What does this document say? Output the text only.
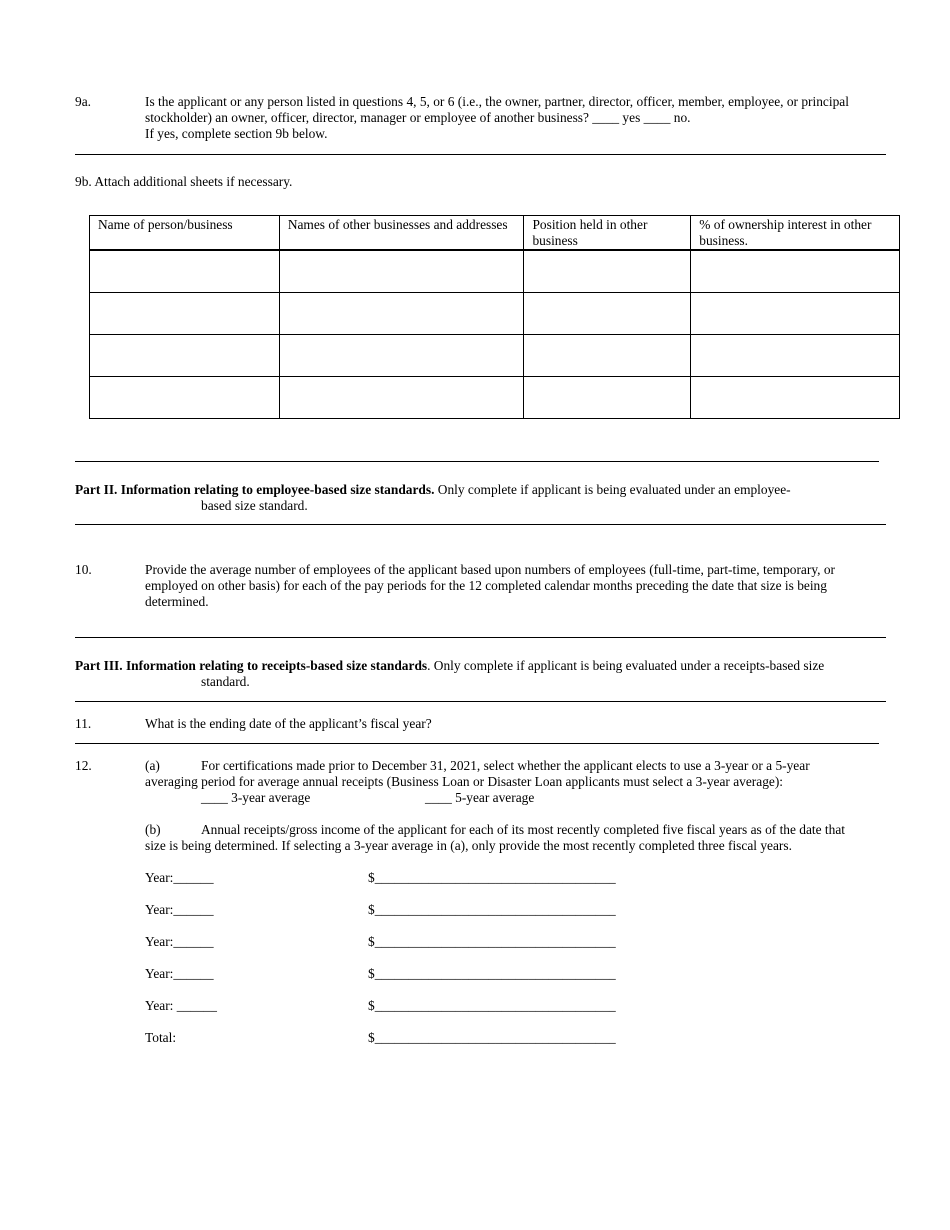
9a.	Is the applicant or any person listed in questions 4, 5, or 6 (i.e., the owner, partner, director, officer, member, employee, or principal
stockholder) an owner, officer, director, manager or employee of another business? ____ yes ____ no.
If yes, complete section 9b below.
9b. Attach additional sheets if necessary.
Name of person/business	Names of other businesses and addresses	Position held in other business	% of ownership interest in other business.

Part II. Information relating to employee-based size standards. Only complete if applicant is being evaluated under an employee-
based size standard.
10.	Provide the average number of employees of the applicant based upon numbers of employees (full-time, part-time, temporary, or
employed on other basis) for each of the pay periods for the 12 completed calendar months preceding the date that size is being
determined.
Part III. Information relating to receipts-based size standards. Only complete if applicant is being evaluated under a receipts-based size
standard.
11.	What is the ending date of the applicant’s fiscal year?
12.	(a)	For certifications made prior to December 31, 2021, select whether the applicant elects to use a 3-year or a 5-year
averaging period for average annual receipts (Business Loan or Disaster Loan applicants must select a 3-year average):
____ 3-year average	____ 5-year average
(b)	Annual receipts/gross income of the applicant for each of its most recently completed five fiscal years as of the date that
size is being determined. If selecting a 3-year average in (a), only provide the most recently completed three fiscal years.
Year:______	$____________________________________
Year:______	$____________________________________
Year:______	$____________________________________
Year:______	$____________________________________
Year: ______	$____________________________________
Total:	$____________________________________
